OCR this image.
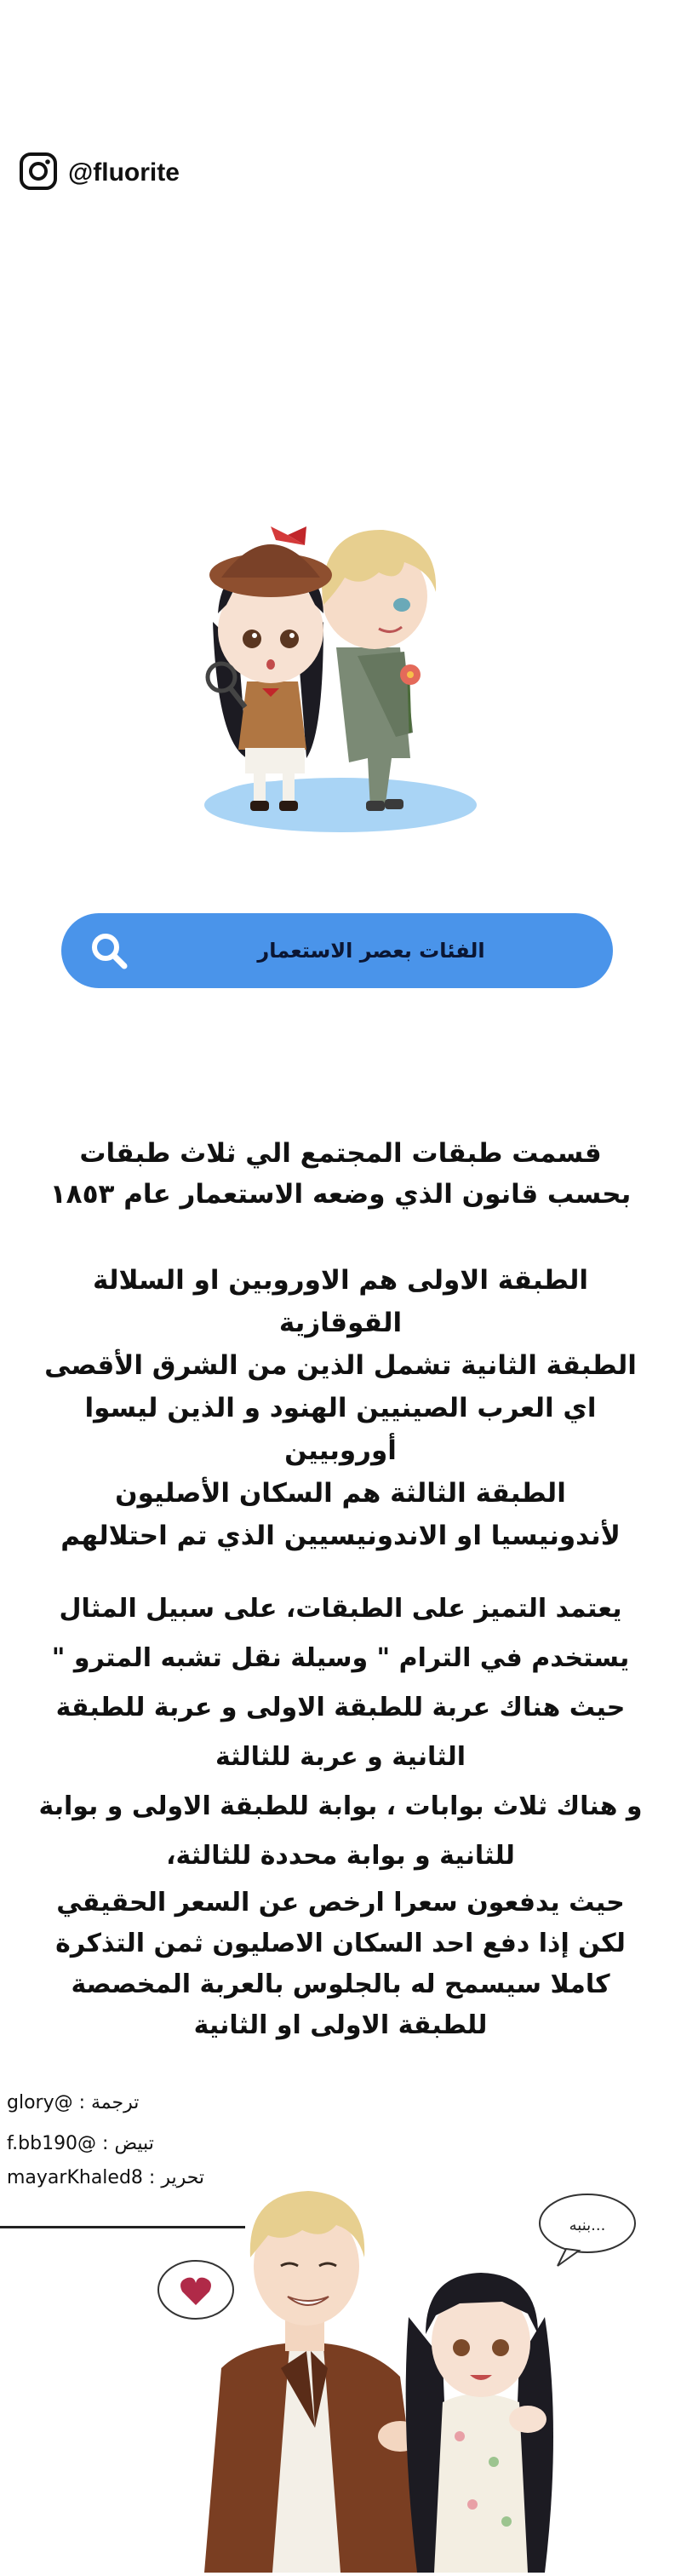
@fluorite
الفئات بعصر الاستعمار
قسمت طبقات المجتمع الي ثلاث طبقات
بحسب قانون الذي وضعه الاستعمار عام ١٨٥٣
الطبقة الاولى هم الاوروبين او السلالة
القوقازية
الطبقة الثانية تشمل الذين من الشرق الأقصى
اي العرب الصينيين الهنود و الذين ليسوا
أوروبيين
الطبقة الثالثة هم السكان الأصليون
لأندونيسيا او الاندونيسيين الذي تم احتلالهم
يعتمد التميز على الطبقات، على سبيل المثال
يستخدم في الترام " وسيلة نقل تشبه المترو "
حيث هناك عربة للطبقة الاولى و عربة للطبقة
الثانية و عربة للثالثة
و هناك ثلاث بوابات ، بوابة للطبقة الاولى و بوابة
للثانية و بوابة محددة للثالثة،
حيث يدفعون سعرا ارخص عن السعر الحقيقي
لكن إذا دفع احد السكان الاصليون ثمن التذكرة
كاملا سيسمح له بالجلوس بالعربة المخصصة
للطبقة الاولى او الثانية
glory@ : ترجمة
f.bb190@ : تبيض
mayarKhaled8 : تحرير
بنبه...
